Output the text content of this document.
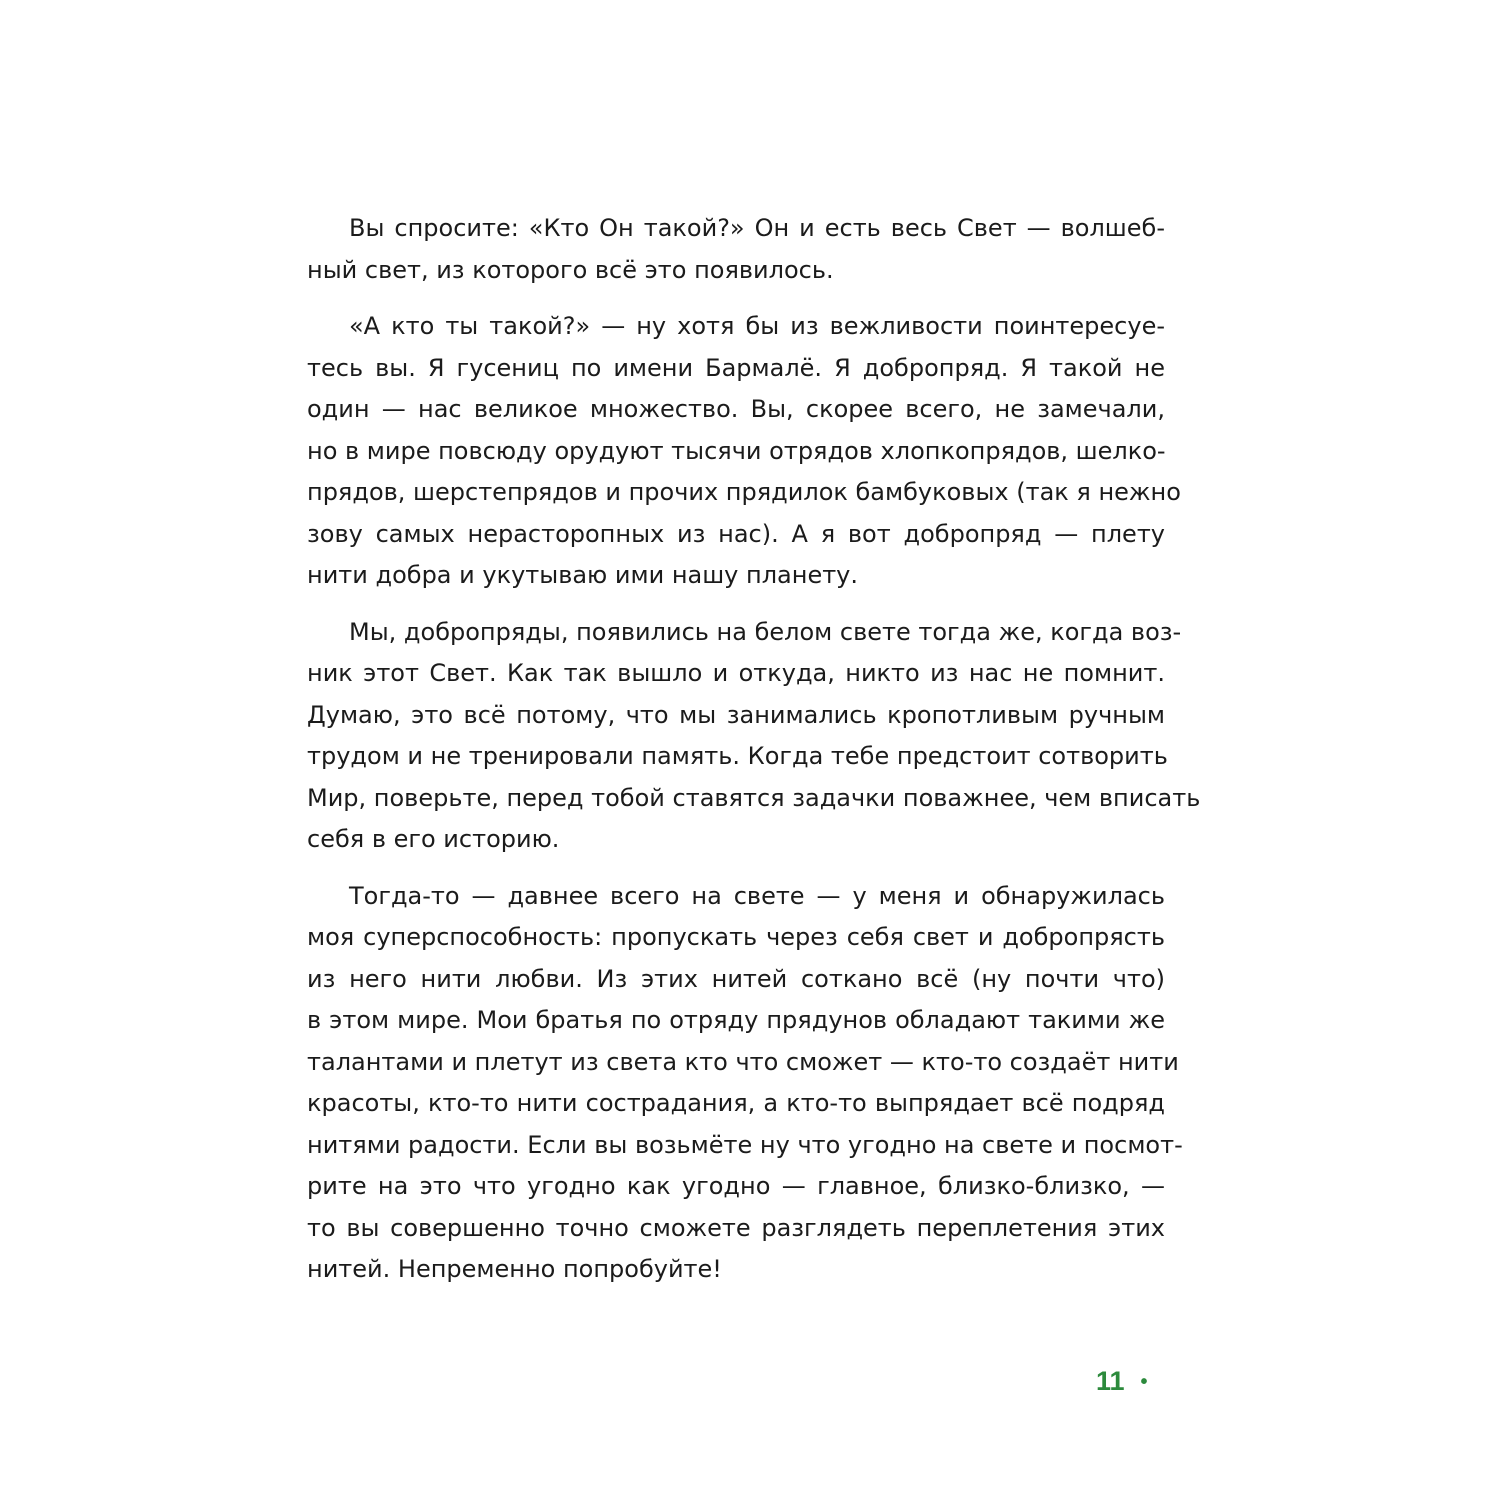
Вы спросите: «Кто Он такой?» Он и есть весь Свет — волшеб-
ный свет, из которого всё это появилось.

«А кто ты такой?» — ну хотя бы из вежливости поинтересуе-
тесь вы. Я гусениц по имени Бармалё. Я добропряд. Я такой не
один — нас великое множество. Вы, скорее всего, не замечали,
но в мире повсюду орудуют тысячи отрядов хлопкопрядов, шелко-
прядов, шерстепрядов и прочих прядилок бамбуковых (так я нежно
зову самых нерасторопных из нас). А я вот добропряд — плету
нити добра и укутываю ими нашу планету.

Мы, добропряды, появились на белом свете тогда же, когда воз-
ник этот Свет. Как так вышло и откуда, никто из нас не помнит.
Думаю, это всё потому, что мы занимались кропотливым ручным
трудом и не тренировали память. Когда тебе предстоит сотворить
Мир, поверьте, перед тобой ставятся задачки поважнее, чем вписать
себя в его историю.

Тогда-то — давнее всего на свете — у меня и обнаружилась
моя суперспособность: пропускать через себя свет и добропрясть
из него нити любви. Из этих нитей соткано всё (ну почти что)
в этом мире. Мои братья по отряду прядунов обладают такими же
талантами и плетут из света кто что сможет — кто-то создаёт нити
красоты, кто-то нити сострадания, а кто-то выпрядает всё подряд
нитями радости. Если вы возьмёте ну что угодно на свете и посмот-
рите на это что угодно как угодно — главное, близко-близко, —
то вы совершенно точно сможете разглядеть переплетения этих
нитей. Непременно попробуйте!

11 •
